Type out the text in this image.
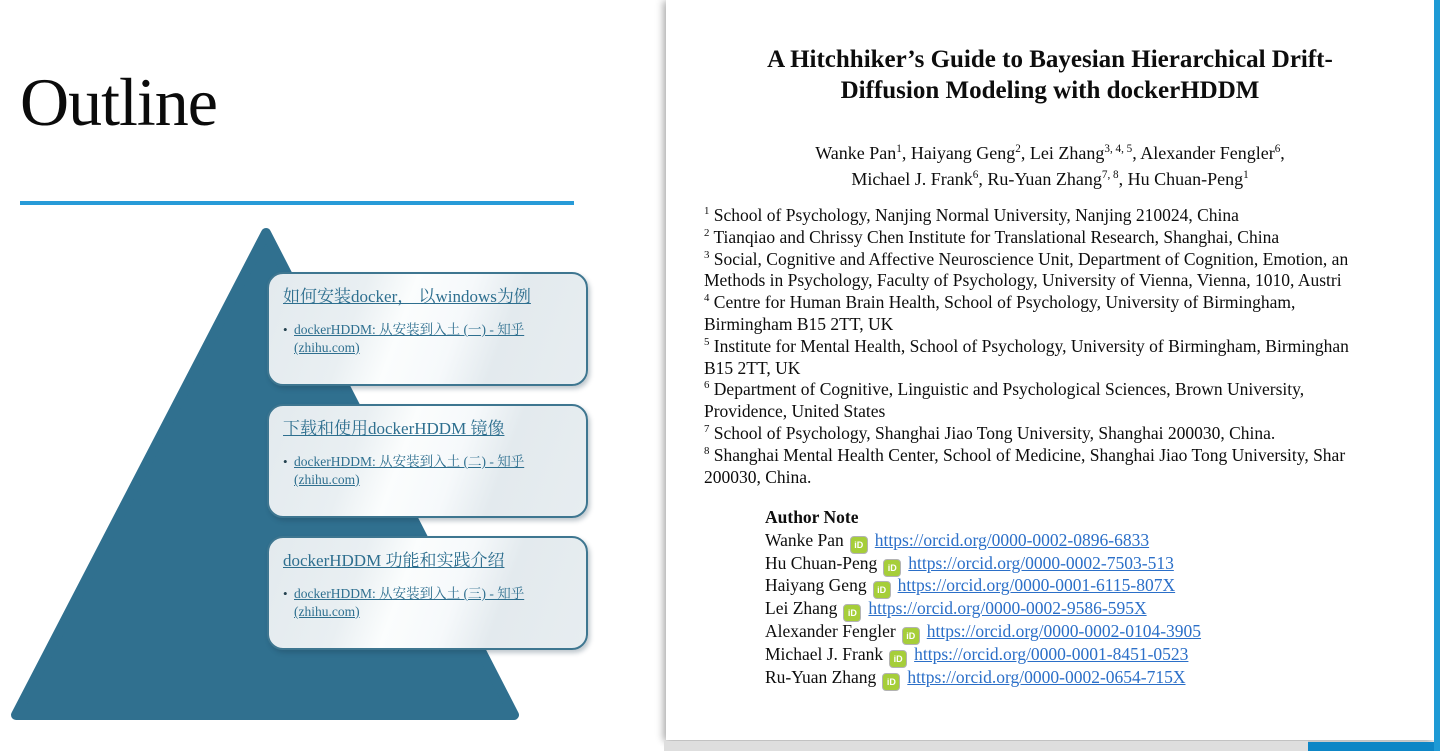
Outline
如何安装docker， 以windows为例
• dockerHDDM: 从安装到入土 (一) - 知乎
(zhihu.com)
下载和使用dockerHDDM 镜像
• dockerHDDM: 从安装到入土 (二) - 知乎
(zhihu.com)
dockerHDDM 功能和实践介绍
• dockerHDDM: 从安装到入土 (三) - 知乎
(zhihu.com)
A Hitchhiker’s Guide to Bayesian Hierarchical Drift-
Diffusion Modeling with dockerHDDM
Wanke Pan$^1$, Haiyang Geng$^2$, Lei Zhang$^{3, 4, 5}$, Alexander Fengler$^6$,
Michael J. Frank$^6$, Ru-Yuan Zhang$^{7, 8}$, Hu Chuan-Peng$^1$
$^1$ School of Psychology, Nanjing Normal University, Nanjing 210024, China
$^2$ Tianqiao and Chrissy Chen Institute for Translational Research, Shanghai, China
$^3$ Social, Cognitive and Affective Neuroscience Unit, Department of Cognition, Emotion, an
Methods in Psychology, Faculty of Psychology, University of Vienna, Vienna, 1010, Austri
$^4$ Centre for Human Brain Health, School of Psychology, University of Birmingham,
Birmingham B15 2TT, UK
$^5$ Institute for Mental Health, School of Psychology, University of Birmingham, Birminghan
B15 2TT, UK
$^6$ Department of Cognitive, Linguistic and Psychological Sciences, Brown University,
Providence, United States
$^7$ School of Psychology, Shanghai Jiao Tong University, Shanghai 200030, China.
$^8$ Shanghai Mental Health Center, School of Medicine, Shanghai Jiao Tong University, Shar
200030, China.
Author Note
Wanke Pan iD https://orcid.org/0000-0002-0896-6833
Hu Chuan-Peng iD https://orcid.org/0000-0002-7503-513
Haiyang Geng iD https://orcid.org/0000-0001-6115-807X
Lei Zhang iD https://orcid.org/0000-0002-9586-595X
Alexander Fengler iD https://orcid.org/0000-0002-0104-3905
Michael J. Frank iD https://orcid.org/0000-0001-8451-0523
Ru-Yuan Zhang iD https://orcid.org/0000-0002-0654-715X
